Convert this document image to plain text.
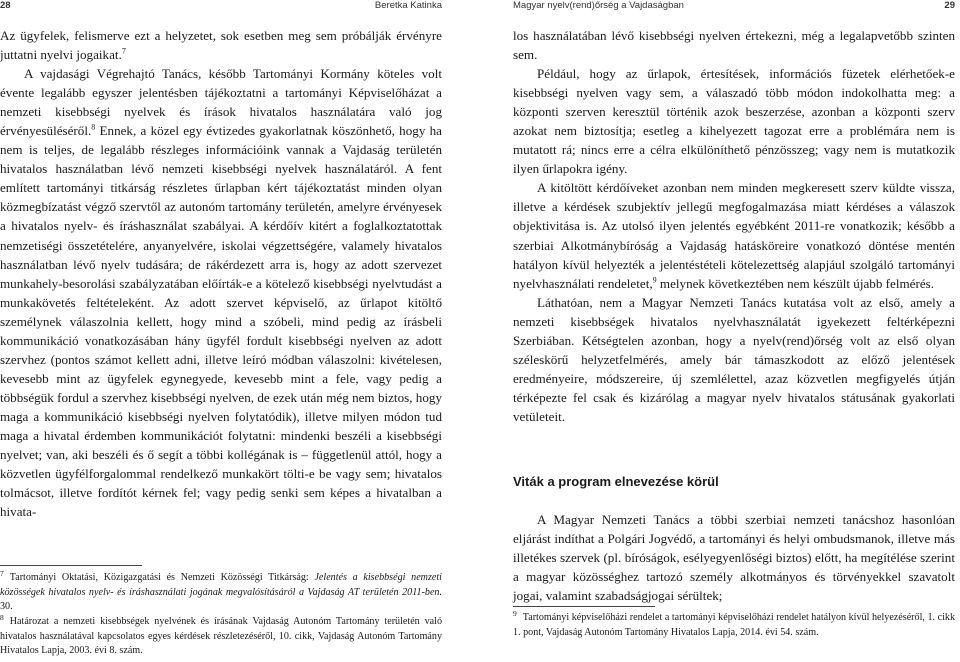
28	Beretka Katinka

Az ügyfelek, felismerve ezt a helyzetet, sok esetben meg sem próbálják érvényre juttatni nyelvi jogaikat.$^7$

A vajdasági Végrehajtó Tanács, később Tartományi Kormány köteles volt évente legalább egyszer jelentésben tájékoztatni a tartományi Képviselőházat a nemzeti kisebbségi nyelvek és írások hivatalos használatára való jog érvényesüléséről.$^8$ Ennek, a közel egy évtizedes gyakorlatnak köszönhető, hogy ha nem is teljes, de legalább részleges információink vannak a Vajdaság területén hivatalos használatban lévő nemzeti kisebbségi nyelvek használatáról. A fent említett tartományi titkárság részletes űrlapban kért tájékoztatást minden olyan közmegbízatást végző szervtől az autonóm tartomány területén, amelyre érvényesek a hivatalos nyelv- és íráshasználat szabályai. A kérdőív kitért a foglalkoztatottak nemzetiségi összetételére, anyanyelvére, iskolai végzettségére, valamely hivatalos használatban lévő nyelv tudására; de rákérdezett arra is, hogy az adott szervezet munkahely-besorolási szabályzatában előírták-e a kötelező kisebbségi nyelvtudást a munkakövetés feltételeként. Az adott szervet képviselő, az űrlapot kitöltő személynek válaszolnia kellett, hogy mind a szóbeli, mind pedig az írásbeli kommunikáció vonatkozásában hány ügyfél fordult kisebbségi nyelven az adott szervhez (pontos számot kellett adni, illetve leíró módban válaszolni: kivételesen, kevesebb mint az ügyfelek egynegyede, kevesebb mint a fele, vagy pedig a többségük fordul a szervhez kisebbségi nyelven, de ezek után még nem biztos, hogy maga a kommunikáció kisebbségi nyelven folytatódik), illetve milyen módon tud maga a hivatal érdemben kommunikációt folytatni: mindenki beszéli a kisebbségi nyelvet; van, aki beszéli és ő segít a többi kollégának is – függetlenül attól, hogy a közvetlen ügyfélforgalommal rendelkező munkakört tölti-e be vagy sem; hivatalos tolmácsot, illetve fordítót kérnek fel; vagy pedig senki sem képes a hivatalban a hivata-

$^7$ Tartományi Oktatási, Közigazgatási és Nemzeti Közösségi Titkárság: Jelentés a kisebbségi nemzeti közösségek hivatalos nyelv- és íráshasználati jogának megvalósításáról a Vajdaság AT területén 2011-ben. 30.

$^8$ Határozat a nemzeti kisebbségek nyelvének és írásának Vajdaság Autonóm Tartomány területén való hivatalos használatával kapcsolatos egyes kérdések részletezéséről, 10. cikk, Vajdaság Autonóm Tartomány Hivatalos Lapja, 2003. évi 8. szám.

Magyar nyelv(rend)őrség a Vajdaságban	29

los használatában lévő kisebbségi nyelven értekezni, még a legalapvetőbb szinten sem.

Például, hogy az űrlapok, értesítések, információs füzetek elérhetőek-e kisebbségi nyelven vagy sem, a válaszadó több módon indokolhatta meg: a központi szerven keresztül történik azok beszerzése, azonban a központi szerv azokat nem biztosítja; esetleg a kihelyezett tagozat erre a problémára nem is mutatott rá; nincs erre a célra elkülöníthető pénzösszeg; vagy nem is mutatkozik ilyen űrlapokra igény.

A kitöltött kérdőíveket azonban nem minden megkeresett szerv küldte vissza, illetve a kérdések szubjektív jellegű megfogalmazása miatt kérdéses a válaszok objektivitása is. Az utolsó ilyen jelentés egyébként 2011-re vonatkozik; később a szerbiai Alkotmánybíróság a Vajdaság hatásköreire vonatkozó döntése mentén hatályon kívül helyezték a jelentéstételi kötelezettség alapjául szolgáló tartományi nyelvhasználati rendeletet,$^9$ melynek következtében nem készült újabb felmérés.

Láthatóan, nem a Magyar Nemzeti Tanács kutatása volt az első, amely a nemzeti kisebbségek hivatalos nyelvhasználatát igyekezett feltérképezni Szerbiában. Kétségtelen azonban, hogy a nyelv(rend)őrség volt az első olyan széleskörű helyzetfelmérés, amely bár támaszkodott az előző jelentések eredményeire, módszereire, új szemlélettel, azaz közvetlen megfigyelés útján térképezte fel csak és kizárólag a magyar nyelv hivatalos státusának gyakorlati vetületeit.

Viták a program elnevezése körül

A Magyar Nemzeti Tanács a többi szerbiai nemzeti tanácshoz hasonlóan eljárást indíthat a Polgári Jogvédő, a tartományi és helyi ombudsmanok, illetve más illetékes szervek (pl. bíróságok, esélyegyenlőségi biztos) előtt, ha megítélése szerint a magyar közösséghez tartozó személy alkotmányos és törvényekkel szavatolt jogai, valamint szabadságjogai sérültek;

$^9$ Tartományi képviselőházi rendelet a tartományi képviselőházi rendelet hatályon kívül helyezéséről, 1. cikk 1. pont, Vajdaság Autonóm Tartomány Hivatalos Lapja, 2014. évi 54. szám.
